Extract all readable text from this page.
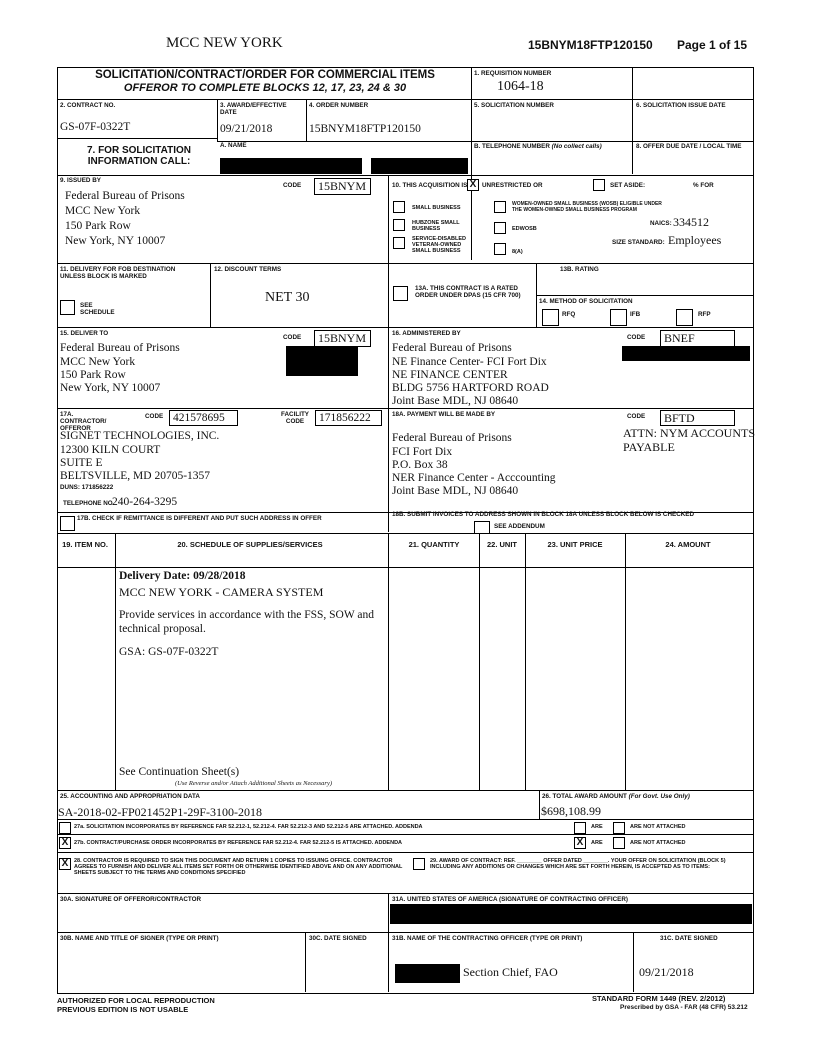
MCC NEW YORK	15BNYM18FTP120150 Page 1 of 15
SOLICITATION/CONTRACT/ORDER FOR COMMERCIAL ITEMS
OFFEROR TO COMPLETE BLOCKS 12, 17, 23, 24 & 30
1. REQUISITION NUMBER
1064-18
2. CONTRACT NO.
GS-07F-0322T
3. AWARD/EFFECTIVE DATE
09/21/2018
4. ORDER NUMBER
15BNYM18FTP120150
5. SOLICITATION NUMBER	6. SOLICITATION ISSUE DATE
7. FOR SOLICITATION INFORMATION CALL:
A. NAME	B. TELEPHONE NUMBER (No collect calls)	8. OFFER DUE DATE / LOCAL TIME
9. ISSUED BY
CODE	15BNYM
Federal Bureau of Prisons
MCC New York
150 Park Row
New York, NY 10007
10. THIS ACQUISITION IS X UNRESTRICTED OR	SET ASIDE:	% FOR
SMALL BUSINESS
HUBZONE SMALL BUSINESS
SERVICE-DISABLED VETERAN-OWNED SMALL BUSINESS
WOMEN-OWNED SMALL BUSINESS (WOSB) ELIGIBLE UNDER THE WOMEN-OWNED SMALL BUSINESS PROGRAM
EDWOSB
8(A)
NAICS: 334512
SIZE STANDARD: Employees
11. DELIVERY FOR FOB DESTINATION UNLESS BLOCK IS MARKED
SEE SCHEDULE
12. DISCOUNT TERMS
NET 30
13A. THIS CONTRACT IS A RATED ORDER UNDER DPAS (15 CFR 700)
13B. RATING
14. METHOD OF SOLICITATION
RFQ	IFB	RFP
15. DELIVER TO
CODE	15BNYM
Federal Bureau of Prisons
MCC New York
150 Park Row
New York, NY 10007
16. ADMINISTERED BY
CODE	BNEF
Federal Bureau of Prisons
NE Finance Center- FCI Fort Dix
NE FINANCE CENTER
BLDG 5756 HARTFORD ROAD
Joint Base MDL, NJ 08640
17A. CONTRACTOR/ OFFEROR
CODE 421578695	FACILITY CODE	171856222
SIGNET TECHNOLOGIES, INC.
12300 KILN COURT
SUITE E
BELTSVILLE, MD 20705-1357
DUNS: 171856222
TELEPHONE NO.
240-264-3295
18A. PAYMENT WILL BE MADE BY	CODE	BFTD
Federal Bureau of Prisons
FCI Fort Dix
P.O. Box 38
NER Finance Center - Acccounting
Joint Base MDL, NJ 08640
ATTN: NYM ACCOUNTS
PAYABLE
17B. CHECK IF REMITTANCE IS DIFFERENT AND PUT SUCH ADDRESS IN OFFER
18B. SUBMIT INVOICES TO ADDRESS SHOWN IN BLOCK 18A UNLESS BLOCK BELOW IS CHECKED
SEE ADDENDUM
19. ITEM NO.	20. SCHEDULE OF SUPPLIES/SERVICES	21. QUANTITY	22. UNIT	23. UNIT PRICE	24. AMOUNT
Delivery Date: 09/28/2018
MCC NEW YORK - CAMERA SYSTEM
Provide services in accordance with the FSS, SOW and
technical proposal.
GSA: GS-07F-0322T
See Continuation Sheet(s)
(Use Reverse and/or Attach Additional Sheets as Necessary)
25. ACCOUNTING AND APPROPRIATION DATA
SA-2018-02-FP021452P1-29F-3100-2018
26. TOTAL AWARD AMOUNT (For Govt. Use Only)
$698,108.99
27a. SOLICITATION INCORPORATES BY REFERENCE FAR 52.212-1, 52.212-4. FAR 52.212-3 AND 52.212-5 ARE ATTACHED. ADDENDA	ARE	ARE NOT ATTACHED
X	27b. CONTRACT/PURCHASE ORDER INCORPORATES BY REFERENCE FAR 52.212-4. FAR 52.212-5 IS ATTACHED. ADDENDA	X	ARE	ARE NOT ATTACHED
X	28. CONTRACTOR IS REQUIRED TO SIGN THIS DOCUMENT AND RETURN 1 COPIES TO ISSUING OFFICE. CONTRACTOR AGREES TO FURNISH AND DELIVER ALL ITEMS SET FORTH OR OTHERWISE IDENTIFIED ABOVE AND ON ANY ADDITIONAL SHEETS SUBJECT TO THE TERMS AND CONDITIONS SPECIFIED
29. AWARD OF CONTRACT: REF. ________ OFFER DATED ________. YOUR OFFER ON SOLICITATION (BLOCK 5) INCLUDING ANY ADDITIONS OR CHANGES WHICH ARE SET FORTH HEREIN, IS ACCEPTED AS TO ITEMS:
30A. SIGNATURE OF OFFEROR/CONTRACTOR	31A. UNITED STATES OF AMERICA (SIGNATURE OF CONTRACTING OFFICER)
30B. NAME AND TITLE OF SIGNER (TYPE OR PRINT)	30C. DATE SIGNED	31B. NAME OF THE CONTRACTING OFFICER (TYPE OR PRINT)	31C. DATE SIGNED
Section Chief, FAO	09/21/2018
AUTHORIZED FOR LOCAL REPRODUCTION
PREVIOUS EDITION IS NOT USABLE
STANDARD FORM 1449 (REV. 2/2012)
Prescribed by GSA - FAR (48 CFR) 53.212
